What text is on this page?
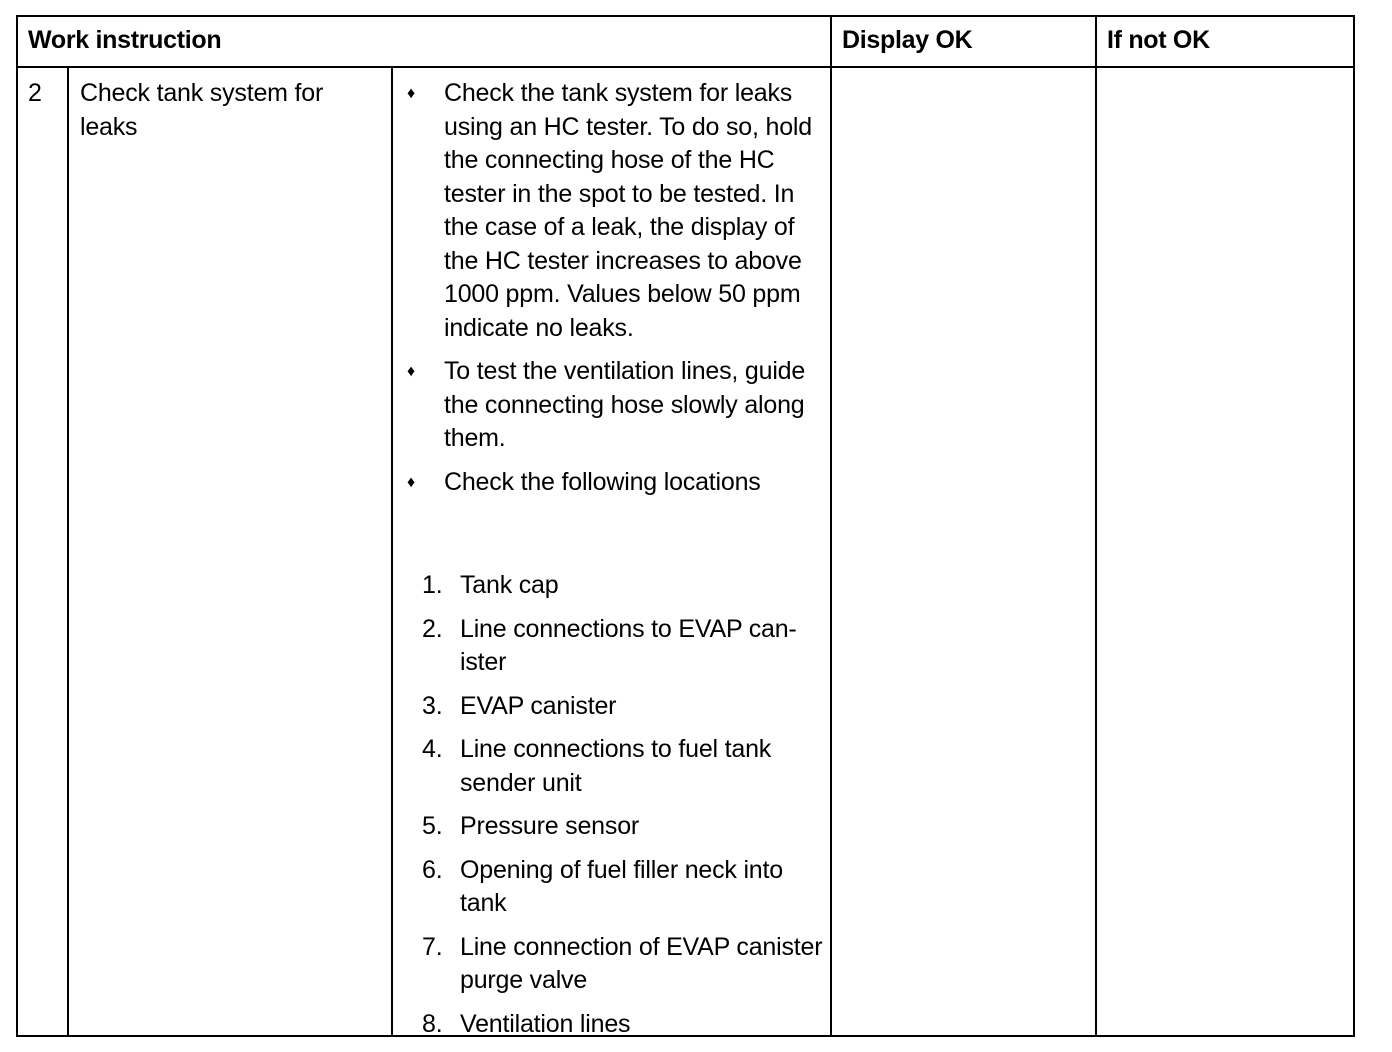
Work instruction	Display OK	If not OK
2 Check tank system for leaks
♦ Check the tank system for leaks using an HC tester. To do so, hold the connecting hose of the HC tester in the spot to be tested. In the case of a leak, the display of the HC tester increases to above 1000 ppm. Values below 50 ppm indicate no leaks.
♦ To test the ventilation lines, guide the connecting hose slowly along them.
♦ Check the following locations
1. Tank cap
2. Line connections to EVAP canister
3. EVAP canister
4. Line connections to fuel tank sender unit
5. Pressure sensor
6. Opening of fuel filler neck into tank
7. Line connection of EVAP canister purge valve
8. Ventilation lines
